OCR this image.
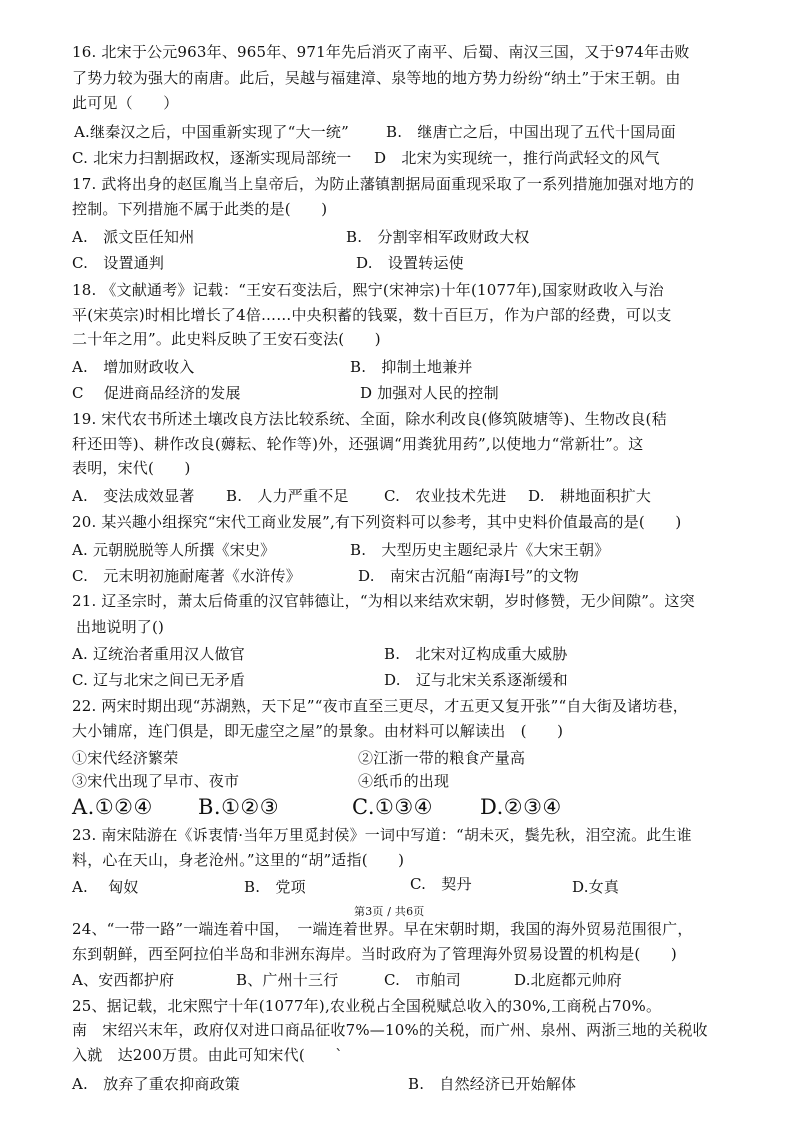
16. 北宋于公元963年、965年、971年先后消灭了南平、后蜀、南汉三国，又于974年击败
了势力较为强大的南唐。此后，吴越与福建漳、泉等地的地方势力纷纷“纳土”于宋王朝。由
此可见（　　）
A.继秦汉之后，中国重新实现了“大一统” B.　继唐亡之后，中国出现了五代十国局面
C. 北宋力扫割据政权，逐渐实现局部统一 D　北宋为实现统一，推行尚武轻文的风气
17. 武将出身的赵匡胤当上皇帝后，为防止藩镇割据局面重现采取了一系列措施加强对地方的
控制。下列措施不属于此类的是(　　)
A.　派文臣任知州	B.　分割宰相军政财政大权
C.　设置通判	D.　设置转运使
18. 《文献通考》记载：“王安石变法后，熙宁(宋神宗)十年(1077年),国家财政收入与治
平(宋英宗)时相比增长了4倍……中央积蓄的钱粟，数十百巨万，作为户部的经费，可以支
二十年之用”。此史料反映了王安石变法(　　)
A.　增加财政收入	B.　抑制土地兼并
C　 促进商品经济的发展	D 加强对人民的控制
19. 宋代农书所述土壤改良方法比较系统、全面，除水利改良(修筑陂塘等)、生物改良(秸
秆还田等)、耕作改良(薅耘、轮作等)外，还强调“用粪犹用药”,以使地力“常新壮”。这
表明，宋代(　　)
A.　变法成效显著 B.　人力严重不足 C.　农业技术先进 D.　耕地面积扩大
20. 某兴趣小组探究“宋代工商业发展”,有下列资料可以参考，其中史料价值最高的是(　　)
A. 元朝脱脱等人所撰《宋史》	B.　大型历史主题纪录片《大宋王朝》
C.　元末明初施耐庵著《水浒传》	D.　南宋古沉船“南海Ⅰ号”的文物
21. 辽圣宗时，萧太后倚重的汉官韩德让，“为相以来结欢宋朝，岁时修赞，无少间隙”。这突
出地说明了()
A. 辽统治者重用汉人做官	B.　北宋对辽构成重大威胁
C. 辽与北宋之间已无矛盾	D.　辽与北宋关系逐渐缓和
22. 两宋时期出现“苏湖熟，天下足”“夜市直至三更尽，才五更又复开张”“自大街及诸坊巷，
大小铺席，连门俱是，即无虚空之屋”的景象。由材料可以解读出　(　　)
①宋代经济繁荣	②江浙一带的粮食产量高
③宋代出现了早市、夜市	④纸币的出现
A.①②④ B.①②③	C.①③④ D.②③④
23. 南宋陆游在《诉衷情·当年万里觅封侯》一词中写道：“胡未灭，鬓先秋，泪空流。此生谁
料，心在天山，身老沧州。”这里的“胡”适指(　　)
A.　 匈奴	B.　党项	C.　契丹	D.女真
第3页 / 共6页
24、“一带一路”一端连着中国，　一端连着世界。早在宋朝时期，我国的海外贸易范围很广，
东到朝鲜，西至阿拉伯半岛和非洲东海岸。当时政府为了管理海外贸易设置的机构是(　　)
A、安西都护府	B、广州十三行	C.　市舶司	D.北庭都元帅府
25、据记载，北宋熙宁十年(1077年),农业税占全国税赋总收入的30%,工商税占70%。
南　宋绍兴末年，政府仅对进口商品征收7%—10%的关税，而广州、泉州、两浙三地的关税收
入就　达200万贯。由此可知宋代(　　ˋ
A.　放弃了重农抑商政策	B.　自然经济已开始解体
